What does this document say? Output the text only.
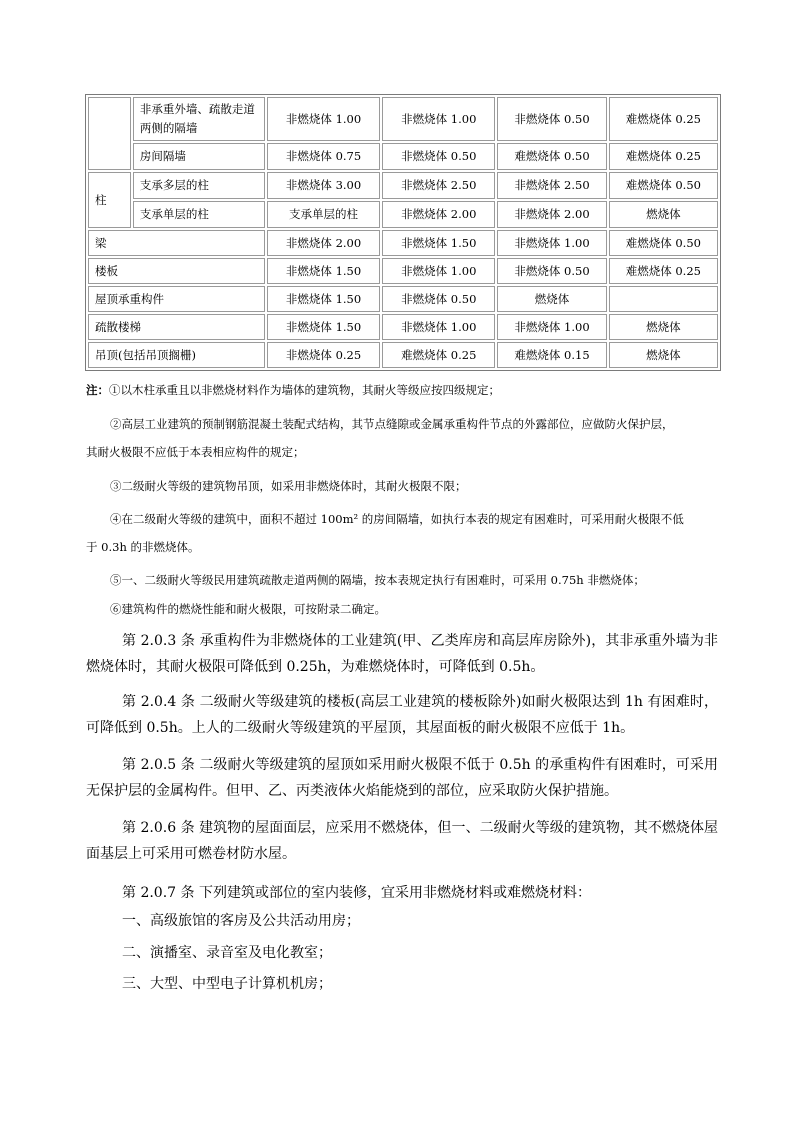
	非承重外墙、疏散走道两侧的隔墙	非燃烧体 1.00	非燃烧体 1.00	非燃烧体 0.50	难燃烧体 0.25
	房间隔墙	非燃烧体 0.75	非燃烧体 0.50	难燃烧体 0.50	难燃烧体 0.25
柱	支承多层的柱	非燃烧体 3.00	非燃烧体 2.50	非燃烧体 2.50	难燃烧体 0.50
	支承单层的柱	支承单层的柱	非燃烧体 2.00	非燃烧体 2.00	燃烧体
梁		非燃烧体 2.00	非燃烧体 1.50	非燃烧体 1.00	难燃烧体 0.50
楼板		非燃烧体 1.50	非燃烧体 1.00	非燃烧体 0.50	难燃烧体 0.25
屋顶承重构件		非燃烧体 1.50	非燃烧体 0.50	燃烧体	
疏散楼梯		非燃烧体 1.50	非燃烧体 1.00	非燃烧体 1.00	燃烧体
吊顶(包括吊顶搁栅)		非燃烧体 0.25	难燃烧体 0.25	难燃烧体 0.15	燃烧体
注：①以木柱承重且以非燃烧材料作为墙体的建筑物，其耐火等级应按四级规定；
②高层工业建筑的预制钢筋混凝土装配式结构，其节点缝隙或金属承重构件节点的外露部位，应做防火保护层，
其耐火极限不应低于本表相应构件的规定；
③二级耐火等级的建筑物吊顶，如采用非燃烧体时，其耐火极限不限；
④在二级耐火等级的建筑中，面积不超过 100m² 的房间隔墙，如执行本表的规定有困难时，可采用耐火极限不低
于 0.3h 的非燃烧体。
⑤一、二级耐火等级民用建筑疏散走道两侧的隔墙，按本表规定执行有困难时，可采用 0.75h 非燃烧体；
⑥建筑构件的燃烧性能和耐火极限，可按附录二确定。
第 2.0.3 条 承重构件为非燃烧体的工业建筑(甲、乙类库房和高层库房除外)，其非承重外墙为非燃烧体时，其耐火极限可降低到 0.25h，为难燃烧体时，可降低到 0.5h。
第 2.0.4 条 二级耐火等级建筑的楼板(高层工业建筑的楼板除外)如耐火极限达到 1h 有困难时，可降低到 0.5h。上人的二级耐火等级建筑的平屋顶，其屋面板的耐火极限不应低于 1h。
第 2.0.5 条 二级耐火等级建筑的屋顶如采用耐火极限不低于 0.5h 的承重构件有困难时，可采用无保护层的金属构件。但甲、乙、丙类液体火焰能烧到的部位，应采取防火保护措施。
第 2.0.6 条 建筑物的屋面面层，应采用不燃烧体，但一、二级耐火等级的建筑物，其不燃烧体屋面基层上可采用可燃卷材防水屋。
第 2.0.7 条 下列建筑或部位的室内装修，宜采用非燃烧材料或难燃烧材料：
一、高级旅馆的客房及公共活动用房；
二、演播室、录音室及电化教室；
三、大型、中型电子计算机机房；
